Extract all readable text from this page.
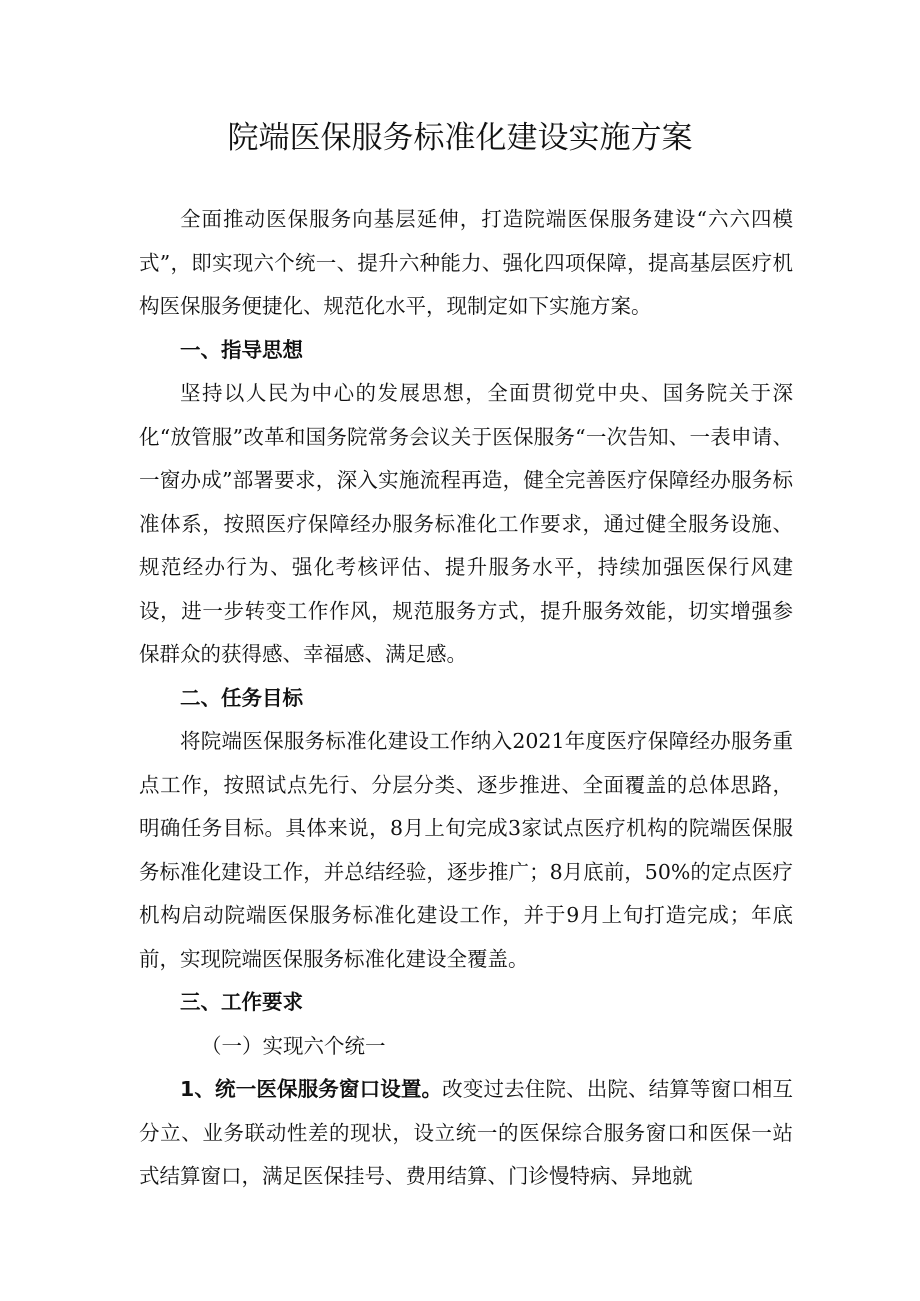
院端医保服务标准化建设实施方案

全面推动医保服务向基层延伸，打造院端医保服务建设“六六四模式”，即实现六个统一、提升六种能力、强化四项保障，提高基层医疗机构医保服务便捷化、规范化水平，现制定如下实施方案。

一、指导思想

坚持以人民为中心的发展思想，全面贯彻党中央、国务院关于深化“放管服”改革和国务院常务会议关于医保服务“一次告知、一表申请、一窗办成”部署要求，深入实施流程再造，健全完善医疗保障经办服务标准体系，按照医疗保障经办服务标准化工作要求，通过健全服务设施、规范经办行为、强化考核评估、提升服务水平，持续加强医保行风建设，进一步转变工作作风，规范服务方式，提升服务效能，切实增强参保群众的获得感、幸福感、满足感。

二、任务目标

将院端医保服务标准化建设工作纳入2021年度医疗保障经办服务重点工作，按照试点先行、分层分类、逐步推进、全面覆盖的总体思路，明确任务目标。具体来说，8月上旬完成3家试点医疗机构的院端医保服务标准化建设工作，并总结经验，逐步推广；8月底前，50%的定点医疗机构启动院端医保服务标准化建设工作，并于9月上旬打造完成；年底前，实现院端医保服务标准化建设全覆盖。

三、工作要求

（一）实现六个统一

1、统一医保服务窗口设置。改变过去住院、出院、结算等窗口相互分立、业务联动性差的现状，设立统一的医保综合服务窗口和医保一站式结算窗口，满足医保挂号、费用结算、门诊慢特病、异地就
